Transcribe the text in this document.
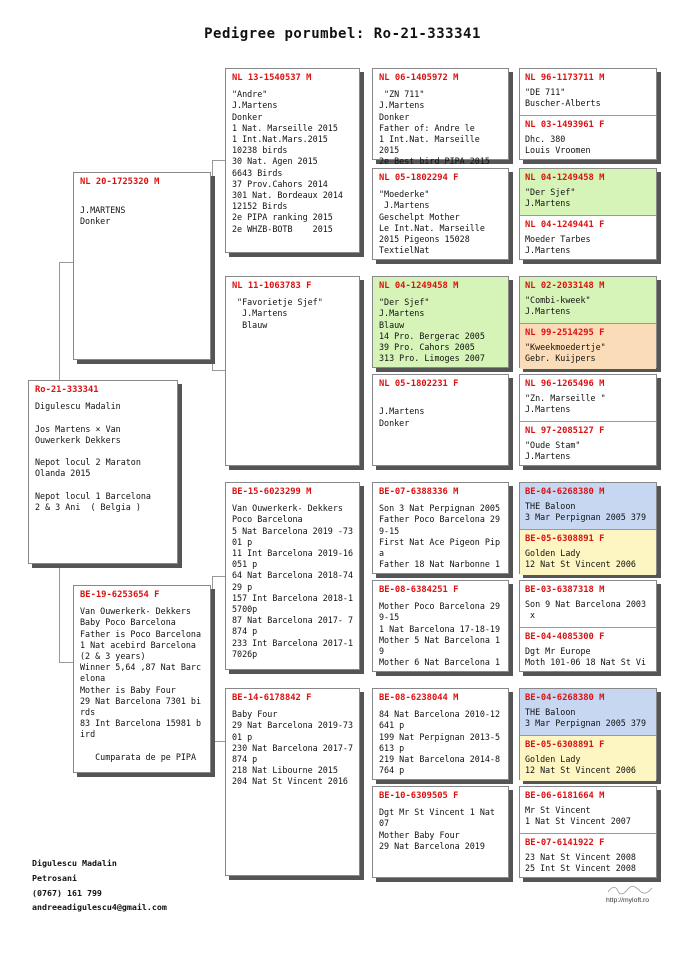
Pedigree porumbel: Ro-21-333341
Ro-21-333341
Digulescu Madalin

Jos Martens × Van
Ouwerkerk Dekkers

Nepot locul 2 Maraton
Olanda 2015

Nepot locul 1 Barcelona
2 & 3 Ani  ( Belgia )
NL 20-1725320 M
J.MARTENS
Donker
BE-19-6253654 F
Van Ouwerkerk- Dekkers
Baby Poco Barcelona
Father is Poco Barcelona
1 Nat acebird Barcelona
(2 & 3 years)
Winner 5,64 ,87 Nat Barc
elona
Mother is Baby Four
29 Nat Barcelona 7301 bi
rds
83 Int Barcelona 15981 b
ird

Cumparata de pe PIPA
NL 13-1540537 M
"Andre"
J.Martens
Donker
1 Nat. Marseille 2015
1 Int.Nat.Mars.2015
10238 birds
30 Nat. Agen 2015
6643 Birds
37 Prov.Cahors 2014
301 Nat. Bordeaux 2014
12152 Birds
2e PIPA ranking 2015
2e WHZB-BOTB    2015
NL 11-1063783 F
"Favorietje Sjef"
J.Martens
Blauw
BE-15-6023299 M
Van Ouwerkerk- Dekkers
Poco Barcelona
5 Nat Barcelona 2019 -73
01 p
11 Int Barcelona 2019-16
051 p
64 Nat Barcelona 2018-74
29 p
157 Int Barcelona 2018-1
5700p
87 Nat Barcelona 2017- 7
874 p
233 Int Barcelona 2017-1
7026p
BE-14-6178842 F
Baby Four
29 Nat Barcelona 2019-73
01 p
230 Nat Barcelona 2017-7
874 p
218 Nat Libourne 2015
204 Nat St Vincent 2016
NL 06-1405972 M
"ZN 711"
J.Martens
Donker
Father of: Andre le
1 Int.Nat. Marseille 2015
2e Best bird PIPA 2015
NL 05-1802294 F
"Moederke"
J.Martens
Geschelpt Mother
Le Int.Nat. Marseille
2015 Pigeons 15028
TextielNat
NL 04-1249458 M
"Der Sjef"
J.Martens
Blauw
14 Pro. Bergerac 2005
39 Pro. Cahors 2005
313 Pro. Limoges 2007
NL 05-1802231 F

J.Martens
Donker
BE-07-6388336 M
Son 3 Nat Perpignan 2005
Father Poco Barcelona 29
9-15
First Nat Ace Pigeon Pip
a
Father 18 Nat Narbonne 1
BE-08-6384251 F
Mother Poco Barcelona 29
9-15
1 Nat Barcelona 17-18-19
Mother 5 Nat Barcelona 1
9
Mother 6 Nat Barcelona 1
BE-08-6238044 M
84 Nat Barcelona 2010-12
641 p
199 Nat Perpignan 2013-5
613 p
219 Nat Barcelona 2014-8
764 p
BE-10-6309505 F
Dgt Mr St Vincent 1 Nat
07
Mother Baby Four
29 Nat Barcelona 2019
NL 96-1173711 M
"DE 711"
Buscher-Alberts
NL 03-1493961 F
Dhc. 380
Louis Vroomen
NL 04-1249458 M
"Der Sjef"
J.Martens
NL 04-1249441 F
Moeder Tarbes
J.Martens
NL 02-2033148 M
"Combi-kweek"
J.Martens
NL 99-2514295 F
"Kweekmoedertje"
Gebr. Kuijpers
NL 96-1265496 M
"Zn. Marseille "
J.Martens
NL 97-2085127 F
"Oude Stam"
J.Martens
BE-04-6268380 M
THE Baloon
3 Mar Perpignan 2005 379
BE-05-6308891 F
Golden Lady
12 Nat St Vincent 2006
BE-03-6387318 M
Son 9 Nat Barcelona 2003
x
BE-04-4085300 F
Dgt Mr Europe
Moth 101-06 18 Nat St Vi
BE-04-6268380 M
THE Baloon
3 Mar Perpignan 2005 379
BE-05-6308891 F
Golden Lady
12 Nat St Vincent 2006
BE-06-6181664 M
Mr St Vincent
1 Nat St Vincent 2007
BE-07-6141922 F
23 Nat St Vincent 2008
25 Int St Vincent 2008
Digulescu Madalin
Petrosani
(0767) 161 799
andreeadigulescu4@gmail.com
http://myloft.ro
